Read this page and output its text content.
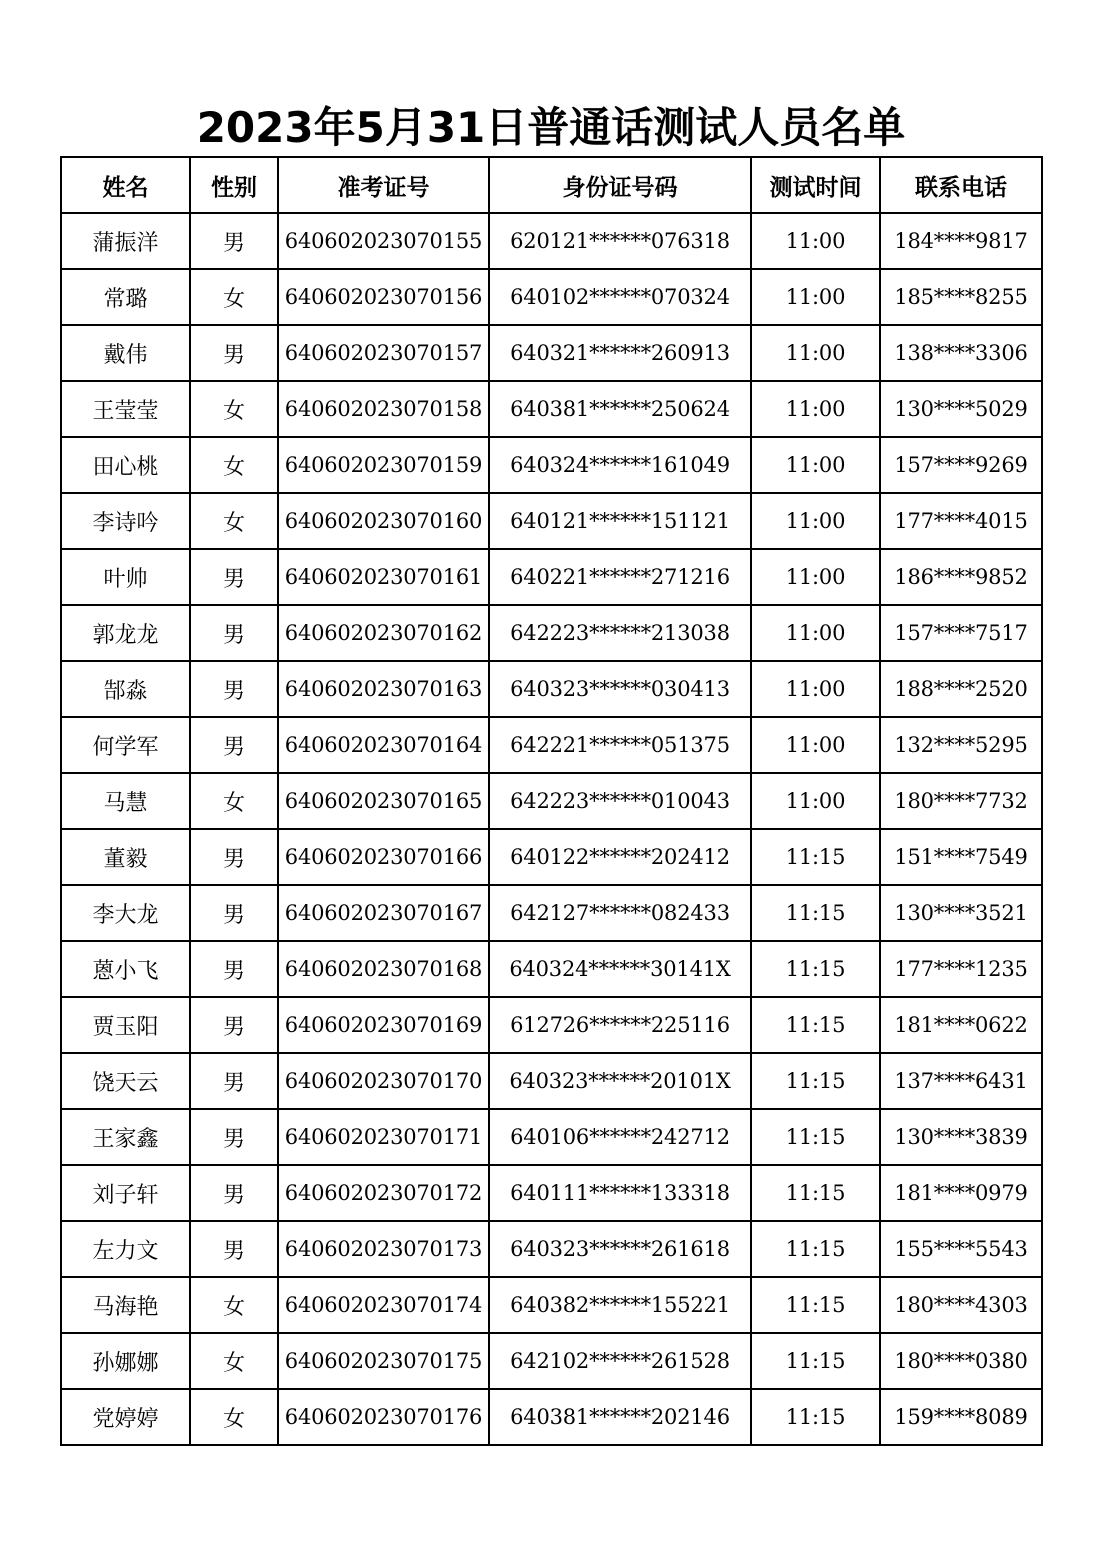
2023年5月31日普通话测试人员名单
姓名	性别	准考证号	身份证号码	测试时间	联系电话
蒲振洋	男	640602023070155	620121******076318	11:00	184****9817
常璐	女	640602023070156	640102******070324	11:00	185****8255
戴伟	男	640602023070157	640321******260913	11:00	138****3306
王莹莹	女	640602023070158	640381******250624	11:00	130****5029
田心桃	女	640602023070159	640324******161049	11:00	157****9269
李诗吟	女	640602023070160	640121******151121	11:00	177****4015
叶帅	男	640602023070161	640221******271216	11:00	186****9852
郭龙龙	男	640602023070162	642223******213038	11:00	157****7517
郜淼	男	640602023070163	640323******030413	11:00	188****2520
何学军	男	640602023070164	642221******051375	11:00	132****5295
马慧	女	640602023070165	642223******010043	11:00	180****7732
董毅	男	640602023070166	640122******202412	11:15	151****7549
李大龙	男	640602023070167	642127******082433	11:15	130****3521
蒽小飞	男	640602023070168	640324******30141X	11:15	177****1235
贾玉阳	男	640602023070169	612726******225116	11:15	181****0622
饶天云	男	640602023070170	640323******20101X	11:15	137****6431
王家鑫	男	640602023070171	640106******242712	11:15	130****3839
刘子轩	男	640602023070172	640111******133318	11:15	181****0979
左力文	男	640602023070173	640323******261618	11:15	155****5543
马海艳	女	640602023070174	640382******155221	11:15	180****4303
孙娜娜	女	640602023070175	642102******261528	11:15	180****0380
党婷婷	女	640602023070176	640381******202146	11:15	159****8089
